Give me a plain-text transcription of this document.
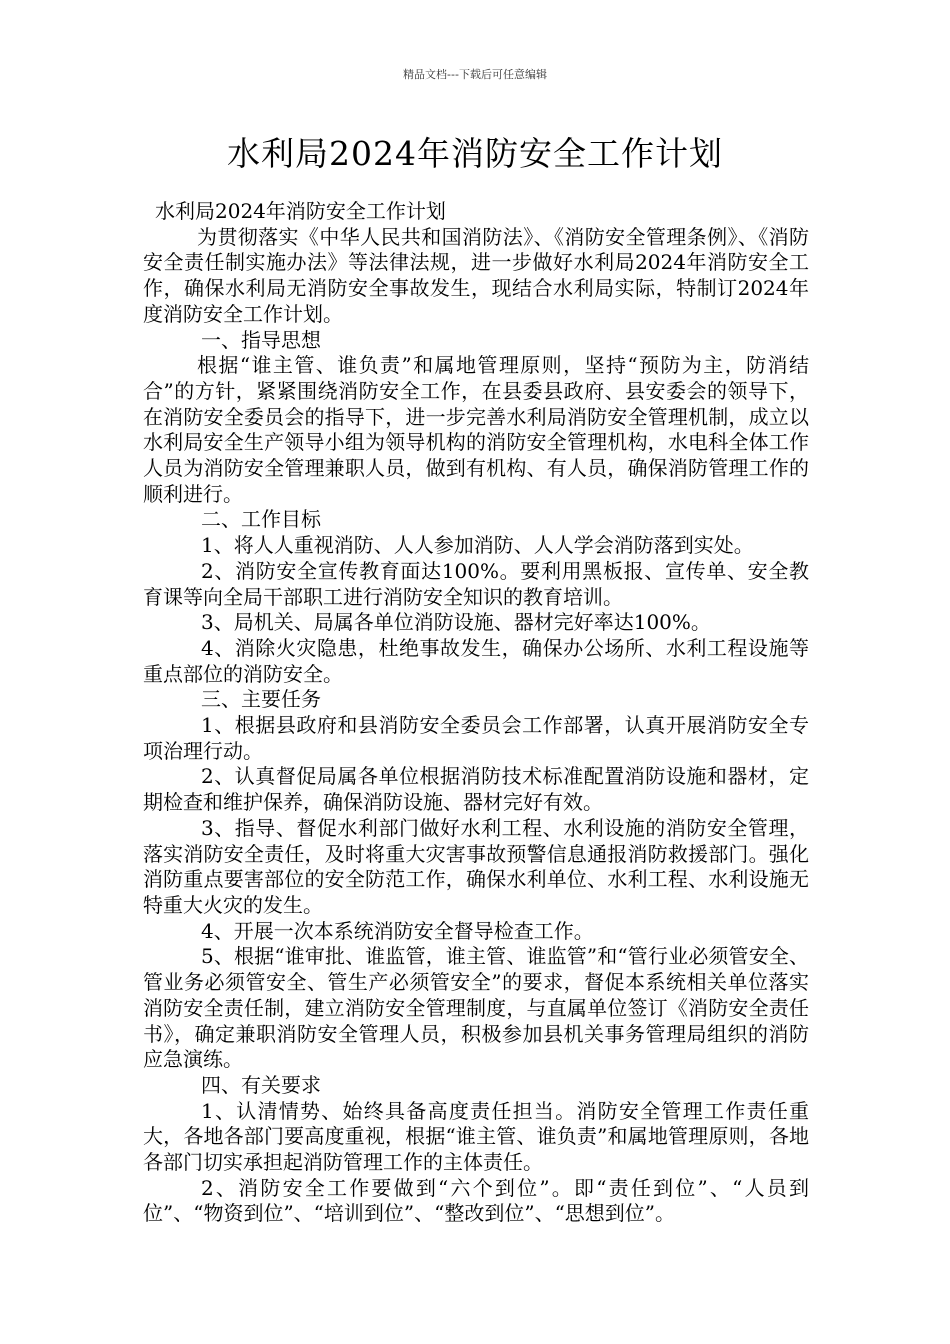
精品文档---下载后可任意编辑
水利局2024年消防安全工作计划

水利局2024年消防安全工作计划

为贯彻落实《中华人民共和国消防法》、《消防安全管理条例》、《消防安全责任制实施办法》等法律法规，进一步做好水利局2024年消防安全工作，确保水利局无消防安全事故发生，现结合水利局实际，特制订2024年度消防安全工作计划。

一、指导思想

根据“谁主管、谁负责”和属地管理原则，坚持“预防为主，防消结合”的方针，紧紧围绕消防安全工作，在县委县政府、县安委会的领导下，在消防安全委员会的指导下，进一步完善水利局消防安全管理机制，成立以水利局安全生产领导小组为领导机构的消防安全管理机构，水电科全体工作人员为消防安全管理兼职人员，做到有机构、有人员，确保消防管理工作的顺利进行。

二、工作目标

1、将人人重视消防、人人参加消防、人人学会消防落到实处。

2、消防安全宣传教育面达100%。要利用黑板报、宣传单、安全教育课等向全局干部职工进行消防安全知识的教育培训。

3、局机关、局属各单位消防设施、器材完好率达100%。

4、消除火灾隐患，杜绝事故发生，确保办公场所、水利工程设施等重点部位的消防安全。

三、主要任务

1、根据县政府和县消防安全委员会工作部署，认真开展消防安全专项治理行动。

2、认真督促局属各单位根据消防技术标准配置消防设施和器材，定期检查和维护保养，确保消防设施、器材完好有效。

3、指导、督促水利部门做好水利工程、水利设施的消防安全管理，落实消防安全责任，及时将重大灾害事故预警信息通报消防救援部门。强化消防重点要害部位的安全防范工作，确保水利单位、水利工程、水利设施无特重大火灾的发生。

4、开展一次本系统消防安全督导检查工作。

5、根据“谁审批、谁监管，谁主管、谁监管”和“管行业必须管安全、管业务必须管安全、管生产必须管安全”的要求，督促本系统相关单位落实消防安全责任制，建立消防安全管理制度，与直属单位签订《消防安全责任书》，确定兼职消防安全管理人员，积极参加县机关事务管理局组织的消防应急演练。

四、有关要求

1、认清情势、始终具备高度责任担当。消防安全管理工作责任重大，各地各部门要高度重视，根据“谁主管、谁负责”和属地管理原则，各地各部门切实承担起消防管理工作的主体责任。

2、消防安全工作要做到“六个到位”。即“责任到位”、“人员到位”、“物资到位”、“培训到位”、“整改到位”、“思想到位”。
